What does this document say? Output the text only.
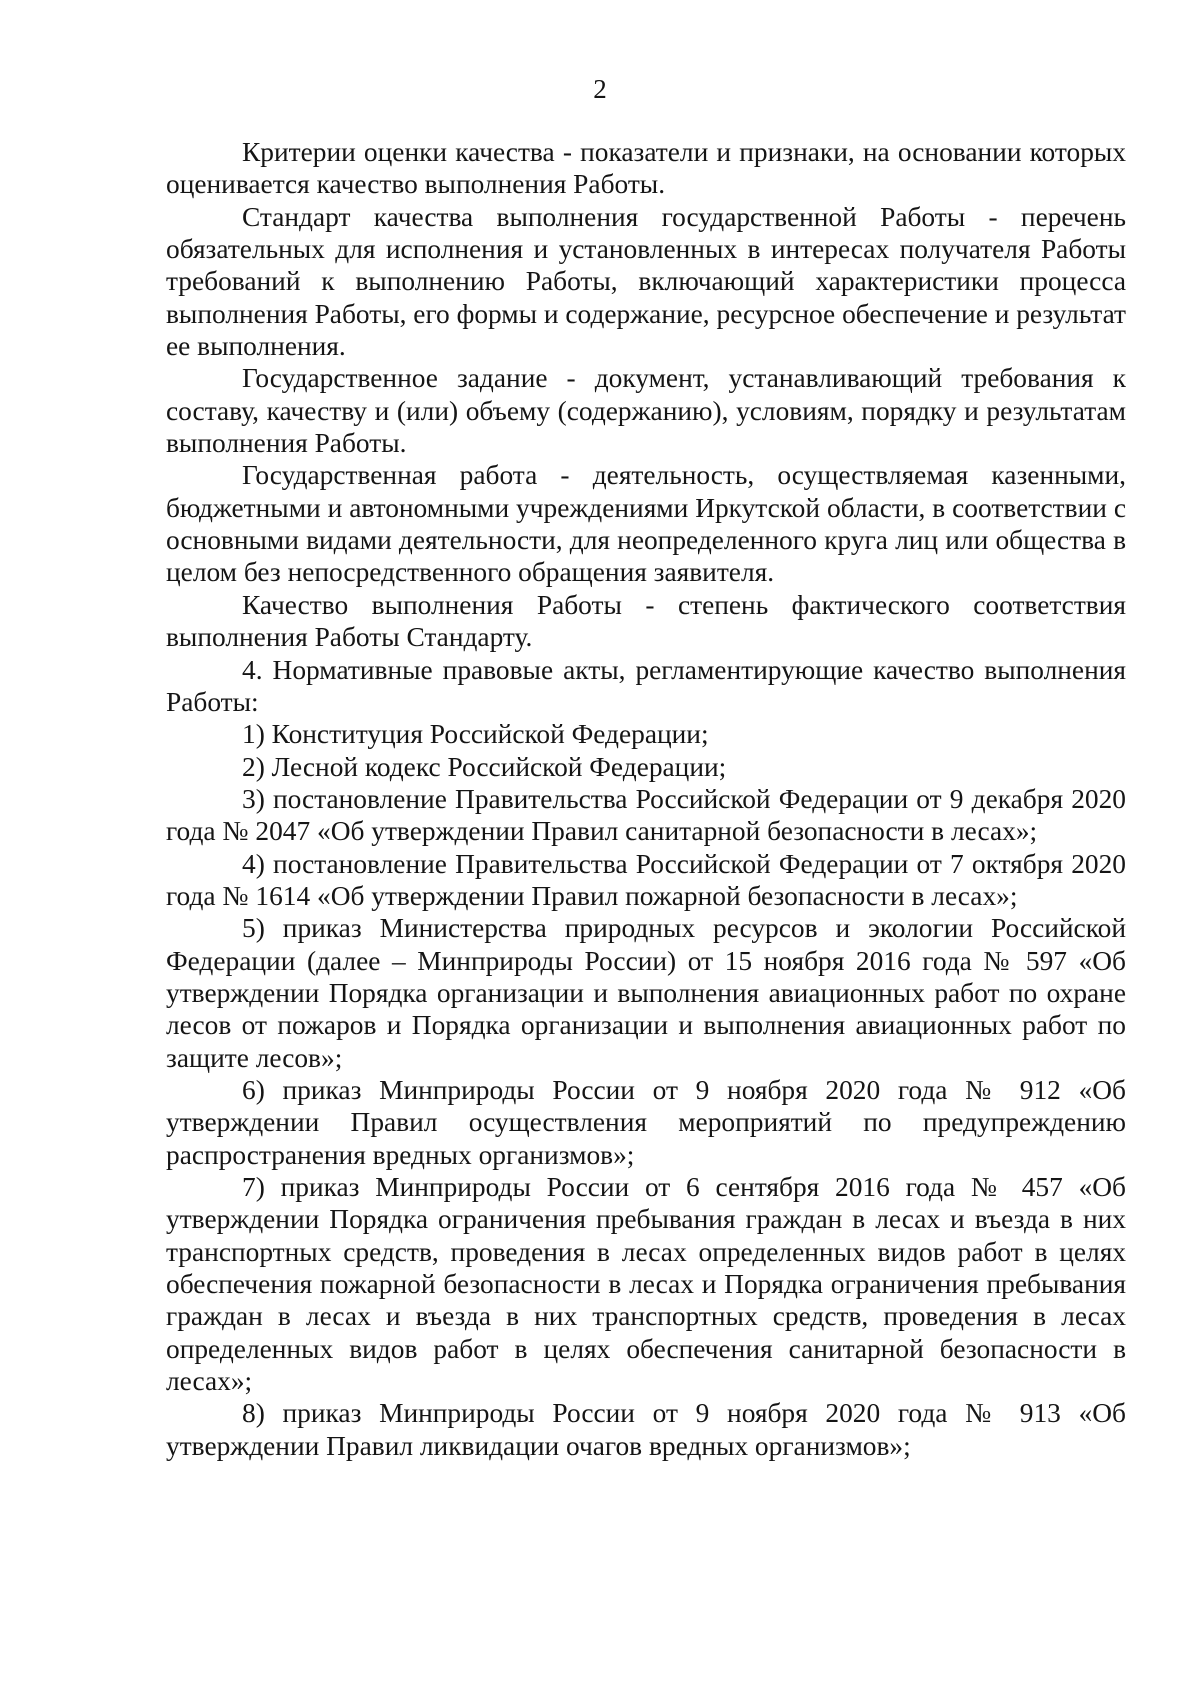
2

Критерии оценки качества - показатели и признаки, на основании которых оценивается качество выполнения Работы.

Стандарт качества выполнения государственной Работы - перечень обязательных для исполнения и установленных в интересах получателя Работы требований к выполнению Работы, включающий характеристики процесса выполнения Работы, его формы и содержание, ресурсное обеспечение и результат ее выполнения.

Государственное задание - документ, устанавливающий требования к составу, качеству и (или) объему (содержанию), условиям, порядку и результатам выполнения Работы.

Государственная работа - деятельность, осуществляемая казенными, бюджетными и автономными учреждениями Иркутской области, в соответствии с основными видами деятельности, для неопределенного круга лиц или общества в целом без непосредственного обращения заявителя.

Качество выполнения Работы - степень фактического соответствия выполнения Работы Стандарту.

4. Нормативные правовые акты, регламентирующие качество выполнения Работы:

1) Конституция Российской Федерации;

2) Лесной кодекс Российской Федерации;

3) постановление Правительства Российской Федерации от 9 декабря 2020 года № 2047 «Об утверждении Правил санитарной безопасности в лесах»;

4) постановление Правительства Российской Федерации от 7 октября 2020 года № 1614 «Об утверждении Правил пожарной безопасности в лесах»;

5) приказ Министерства природных ресурсов и экологии Российской Федерации (далее – Минприроды России) от 15 ноября 2016 года № 597 «Об утверждении Порядка организации и выполнения авиационных работ по охране лесов от пожаров и Порядка организации и выполнения авиационных работ по защите лесов»;

6) приказ Минприроды России от 9 ноября 2020 года № 912 «Об утверждении Правил осуществления мероприятий по предупреждению распространения вредных организмов»;

7) приказ Минприроды России от 6 сентября 2016 года № 457 «Об утверждении Порядка ограничения пребывания граждан в лесах и въезда в них транспортных средств, проведения в лесах определенных видов работ в целях обеспечения пожарной безопасности в лесах и Порядка ограничения пребывания граждан в лесах и въезда в них транспортных средств, проведения в лесах определенных видов работ в целях обеспечения санитарной безопасности в лесах»;

8) приказ Минприроды России от 9 ноября 2020 года № 913 «Об утверждении Правил ликвидации очагов вредных организмов»;
